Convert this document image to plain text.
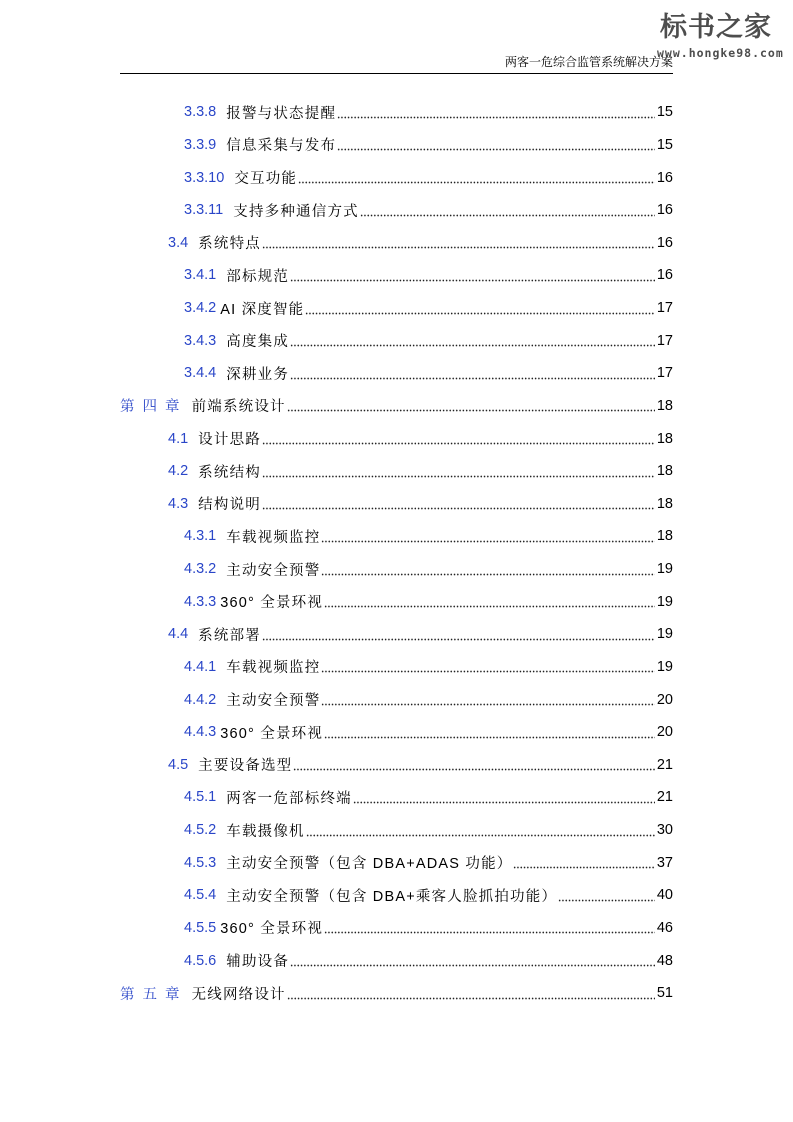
标书之家
www.hongke98.com
两客一危综合监管系统解决方案
3.3.8 报警与状态提醒	15
3.3.9 信息采集与发布	15
3.3.10 交互功能	16
3.3.11 支持多种通信方式	16
3.4 系统特点	16
3.4.1 部标规范	16
3.4.2 AI 深度智能	17
3.4.3 高度集成	17
3.4.4 深耕业务	17
第 四 章 前端系统设计	18
4.1 设计思路	18
4.2 系统结构	18
4.3 结构说明	18
4.3.1 车载视频监控	18
4.3.2 主动安全预警	19
4.3.3 360° 全景环视	19
4.4 系统部署	19
4.4.1 车载视频监控	19
4.4.2 主动安全预警	20
4.4.3 360° 全景环视	20
4.5 主要设备选型	21
4.5.1 两客一危部标终端	21
4.5.2 车载摄像机	30
4.5.3 主动安全预警（包含 DBA+ADAS 功能）	37
4.5.4 主动安全预警（包含 DBA+乘客人脸抓拍功能）	40
4.5.5 360° 全景环视	46
4.5.6 辅助设备	48
第 五 章 无线网络设计	51
